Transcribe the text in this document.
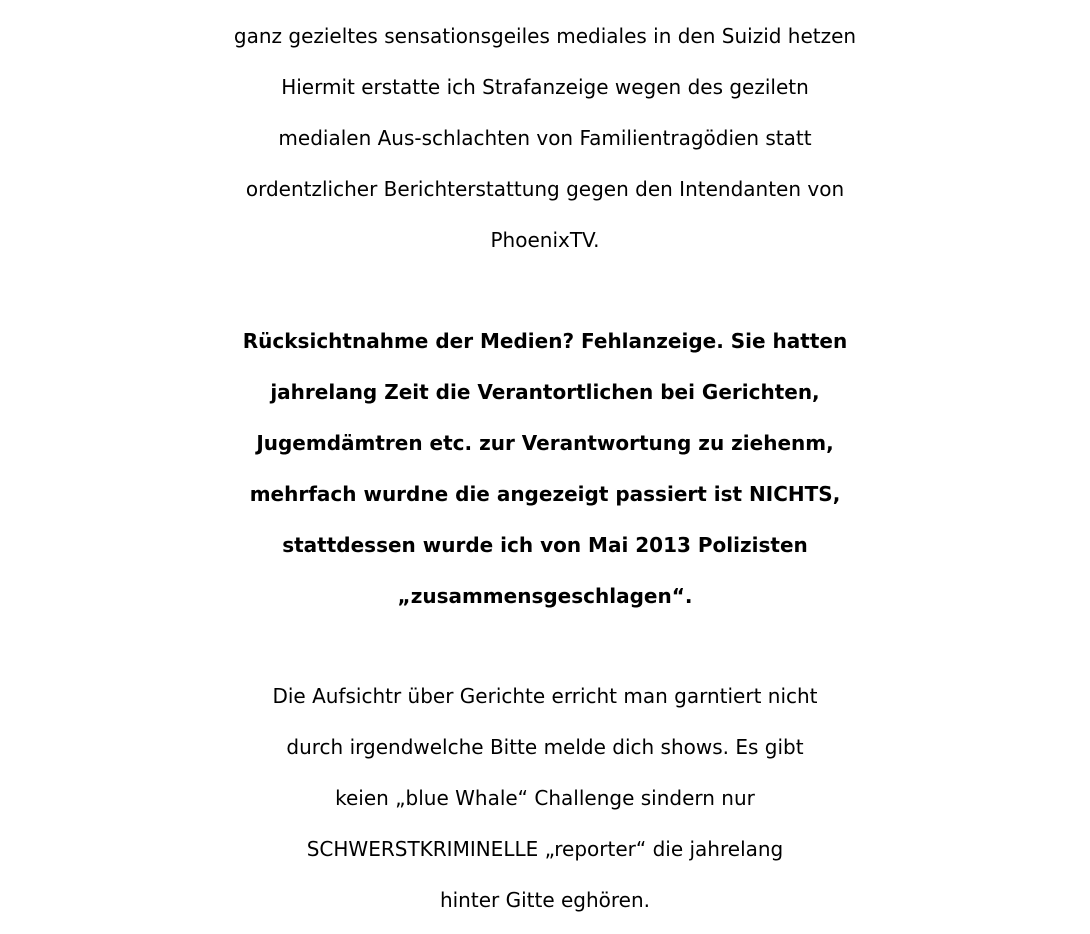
ganz gezieltes sensationsgeiles mediales in den Suizid hetzen
Hiermit erstatte ich Strafanzeige wegen des geziletn
medialen Aus-schlachten von Familientragödien statt
ordentzlicher Berichterstattung gegen den Intendanten von
PhoenixTV.
Rücksichtnahme der Medien? Fehlanzeige. Sie hatten
jahrelang Zeit die Verantortlichen bei Gerichten,
Jugemdämtren etc. zur Verantwortung zu ziehenm,
mehrfach wurdne die angezeigt passiert ist NICHTS,
stattdessen wurde ich von Mai 2013 Polizisten
„zusammensgeschlagen“.
Die Aufsichtr über Gerichte erricht man garntiert nicht
durch irgendwelche Bitte melde dich shows. Es gibt
keien „blue Whale“ Challenge sindern nur
SCHWERSTKRIMINELLE „reporter“ die jahrelang
hinter Gitte eghören.
